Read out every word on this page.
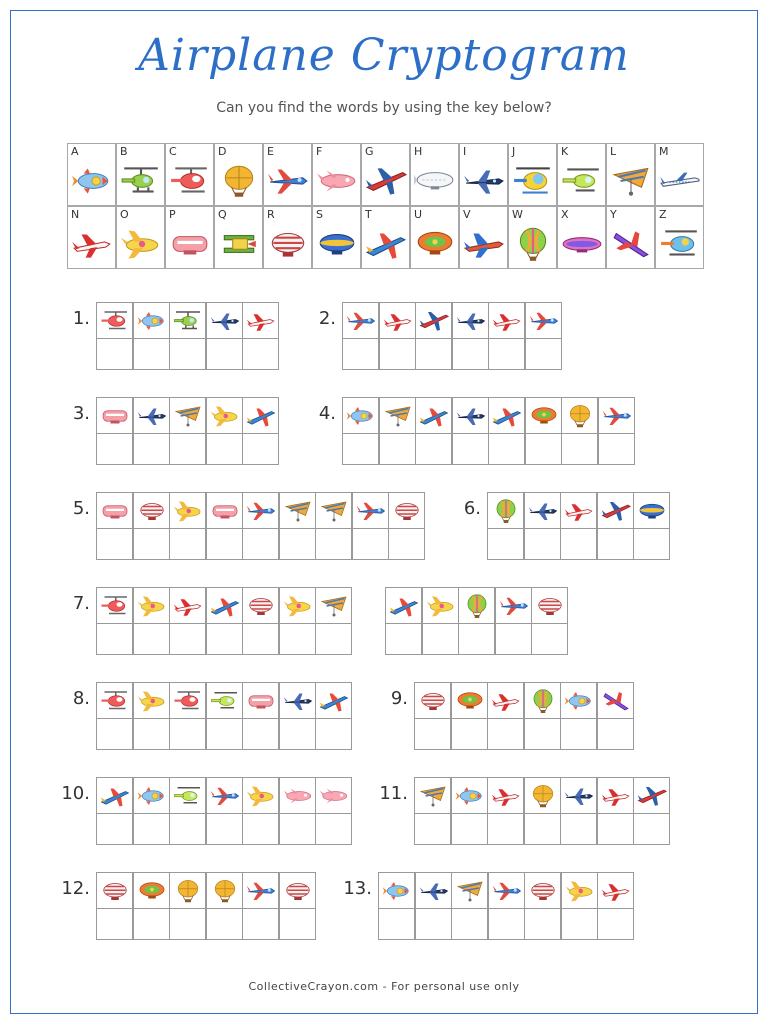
Airplane Cryptogram
Can you find the words by using the key below?
A	B	C	D	E	F	G	H	I	J	K	L	M
N	O	P	Q	R	S	T	U	V	W	X	Y	Z
1.	2.
3.	4.
5.	6.
7.
8.	9.
10.	11.
12.	13.
CollectiveCrayon.com - For personal use only
